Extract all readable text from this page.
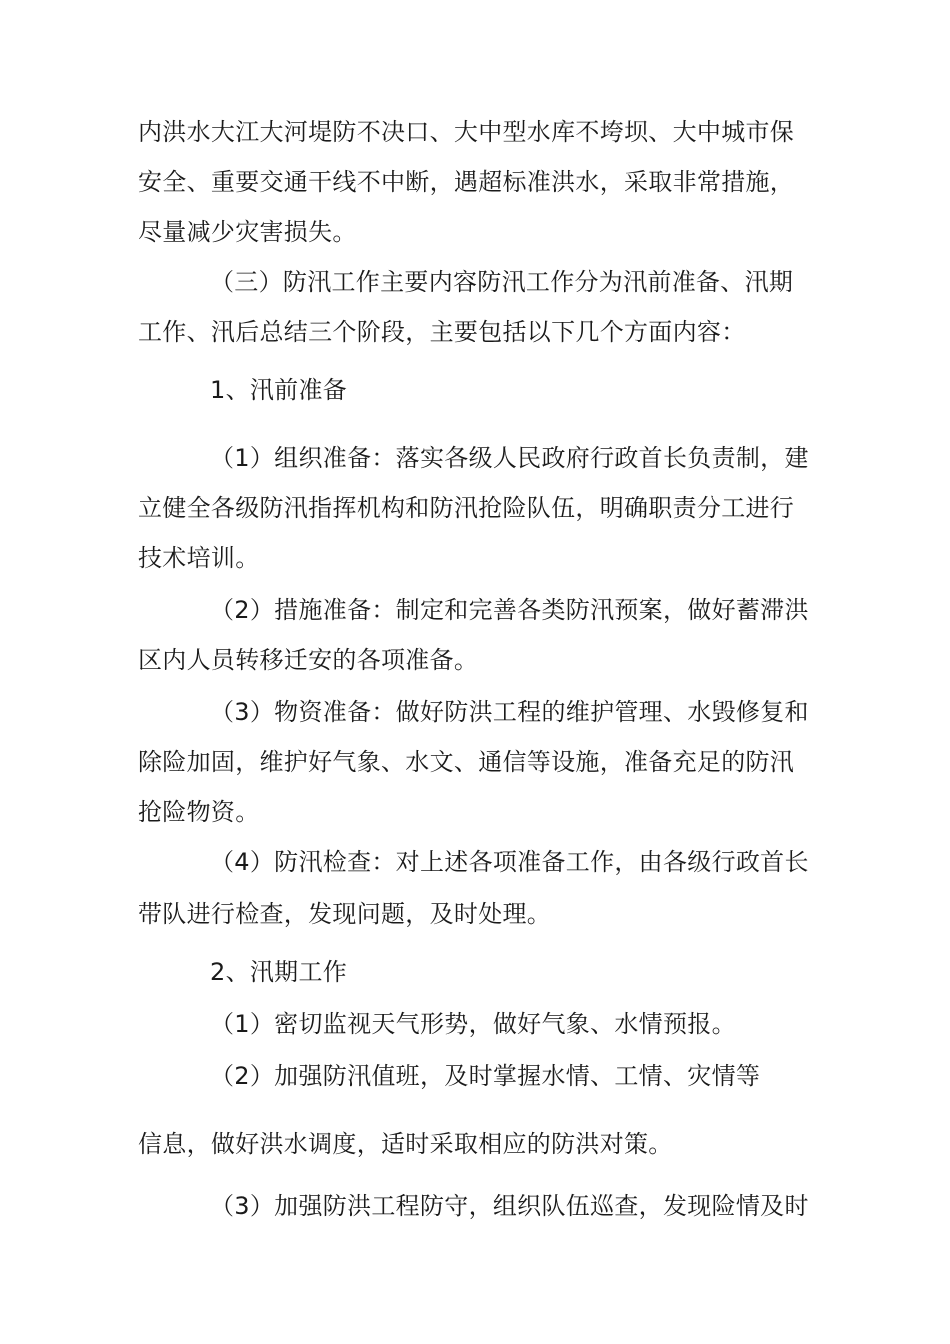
内洪水大江大河堤防不决口、大中型水库不垮坝、大中城市保
安全、重要交通干线不中断，遇超标准洪水，采取非常措施，
尽量减少灾害损失。
（三）防汛工作主要内容防汛工作分为汛前准备、汛期
工作、汛后总结三个阶段，主要包括以下几个方面内容：
1、汛前准备
（1）组织准备：落实各级人民政府行政首长负责制，建
立健全各级防汛指挥机构和防汛抢险队伍，明确职责分工进行
技术培训。
（2）措施准备：制定和完善各类防汛预案，做好蓄滞洪
区内人员转移迁安的各项准备。
（3）物资准备：做好防洪工程的维护管理、水毁修复和
除险加固，维护好气象、水文、通信等设施，准备充足的防汛
抢险物资。
（4）防汛检查：对上述各项准备工作，由各级行政首长
带队进行检查，发现问题，及时处理。
2、汛期工作
（1）密切监视天气形势，做好气象、水情预报。
（2）加强防汛值班，及时掌握水情、工情、灾情等
信息，做好洪水调度，适时采取相应的防洪对策。
（3）加强防洪工程防守，组织队伍巡查，发现险情及时
